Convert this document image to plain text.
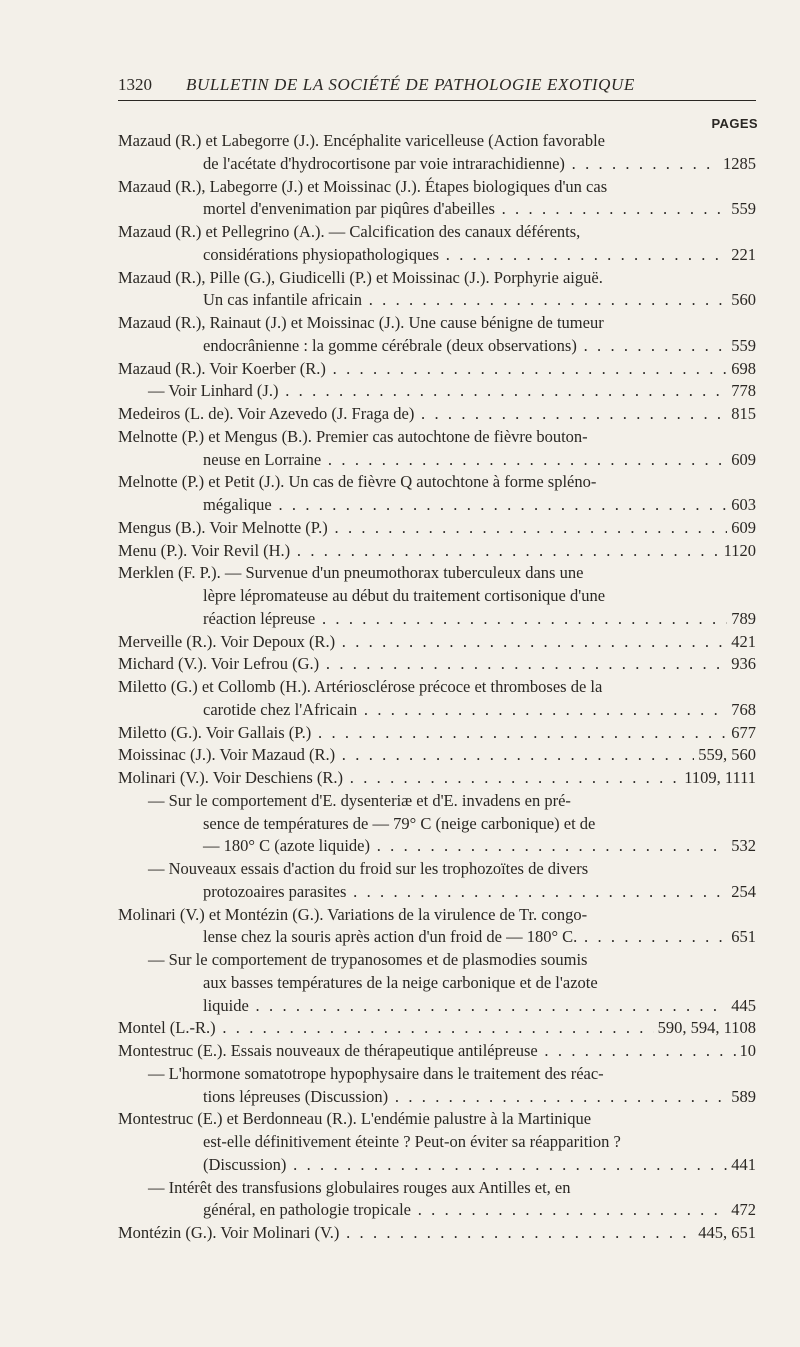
1320 BULLETIN DE LA SOCIÉTÉ DE PATHOLOGIE EXOTIQUE
PAGES
Mazaud (R.) et Labegorre (J.). Encéphalite varicelleuse (Action favorable
de l'acétate d'hydrocortisone par voie intrarachidienne) . . .	1285
Mazaud (R.), Labegorre (J.) et Moissinac (J.). Étapes biologiques d'un cas
mortel d'envenimation par piqûres d'abeilles . . .	559
Mazaud (R.) et Pellegrino (A.). — Calcification des canaux déférents,
considérations physiopathologiques . . .	221
Mazaud (R.), Pille (G.), Giudicelli (P.) et Moissinac (J.). Porphyrie aiguë.
Un cas infantile africain . . .	560
Mazaud (R.), Rainaut (J.) et Moissinac (J.). Une cause bénigne de tumeur
endocrânienne : la gomme cérébrale (deux observations) . . .	559
Mazaud (R.). Voir Koerber (R.) . . .	698
— Voir Linhard (J.) . . .	778
Medeiros (L. de). Voir Azevedo (J. Fraga de) . . .	815
Melnotte (P.) et Mengus (B.). Premier cas autochtone de fièvre bouton-
neuse en Lorraine . . .	609
Melnotte (P.) et Petit (J.). Un cas de fièvre Q autochtone à forme spléno-
mégalique . . .	603
Mengus (B.). Voir Melnotte (P.) . . .	609
Menu (P.). Voir Revil (H.) . . .	1120
Merklen (F. P.). — Survenue d'un pneumothorax tuberculeux dans une
lèpre lépromateuse au début du traitement cortisonique d'une
réaction lépreuse . . .	789
Merveille (R.). Voir Depoux (R.) . . .	421
Michard (V.). Voir Lefrou (G.) . . .	936
Miletto (G.) et Collomb (H.). Artériosclérose précoce et thromboses de la
carotide chez l'Africain . . .	768
Miletto (G.). Voir Gallais (P.) . . .	677
Moissinac (J.). Voir Mazaud (R.) . . .	559, 560
Molinari (V.). Voir Deschiens (R.) . . .	1109, 1111
— Sur le comportement d'E. dysenteriæ et d'E. invadens en pré-
sence de températures de — 79° C (neige carbonique) et de
— 180° C (azote liquide) . . .	532
— Nouveaux essais d'action du froid sur les trophozoïtes de divers
protozoaires parasites . . .	254
Molinari (V.) et Montézin (G.). Variations de la virulence de Tr. congo-
lense chez la souris après action d'un froid de — 180° C. . . .	651
— Sur le comportement de trypanosomes et de plasmodies soumis
aux basses températures de la neige carbonique et de l'azote
liquide . . .	445
Montel (L.-R.) . . .	590, 594, 1108
Montestruc (E.). Essais nouveaux de thérapeutique antilépreuse . . .	10
— L'hormone somatotrope hypophysaire dans le traitement des réac-
tions lépreuses (Discussion) . . .	589
Montestruc (E.) et Berdonneau (R.). L'endémie palustre à la Martinique
est-elle définitivement éteinte ? Peut-on éviter sa réapparition ?
(Discussion) . . .	441
— Intérêt des transfusions globulaires rouges aux Antilles et, en
général, en pathologie tropicale . . .	472
Montézin (G.). Voir Molinari (V.) . . .	445, 651
